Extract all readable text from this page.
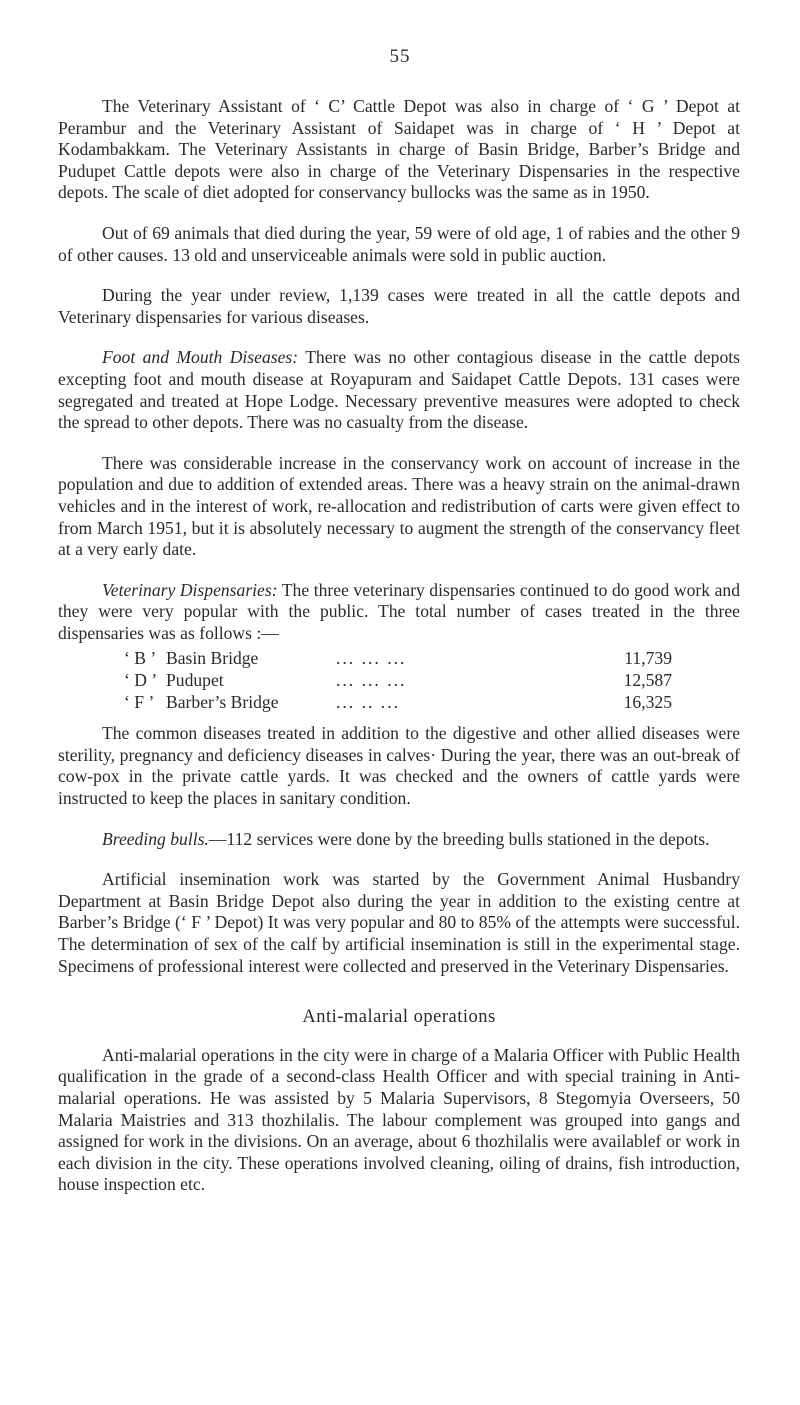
55

The Veterinary Assistant of ‘ C’ Cattle Depot was also in charge of ‘ G ’ Depot at Perambur and the Veterinary Assistant of Saidapet was in charge of ‘ H ’ Depot at Kodambakkam. The Veterinary Assistants in charge of Basin Bridge, Barber’s Bridge and Pudupet Cattle depots were also in charge of the Veterinary Dispensaries in the respective depots. The scale of diet adopted for conservancy bullocks was the same as in 1950.

Out of 69 animals that died during the year, 59 were of old age, 1 of rabies and the other 9 of other causes. 13 old and unserviceable animals were sold in public auction.

During the year under review, 1,139 cases were treated in all the cattle depots and Veterinary dispensaries for various diseases.

Foot and Mouth Diseases: There was no other contagious disease in the cattle depots excepting foot and mouth disease at Royapuram and Saidapet Cattle Depots. 131 cases were segregated and treated at Hope Lodge. Necessary preventive measures were adopted to check the spread to other depots. There was no casualty from the disease.

There was considerable increase in the conservancy work on account of increase in the population and due to addition of extended areas. There was a heavy strain on the animal-drawn vehicles and in the interest of work, re-allocation and redistribution of carts were given effect to from March 1951, but it is absolutely necessary to augment the strength of the conservancy fleet at a very early date.

Veterinary Dispensaries: The three veterinary dispensaries continued to do good work and they were very popular with the public. The total number of cases treated in the three dispensaries was as follows :—

‘ B ’	Basin Bridge	... ... ...	11,739
‘ D ’	Pudupet	... ... ...	12,587
‘ F ’	Barber’s Bridge	... .. ...	16,325

The common diseases treated in addition to the digestive and other allied diseases were sterility, pregnancy and deficiency diseases in calves· During the year, there was an out-break of cow-pox in the private cattle yards. It was checked and the owners of cattle yards were instructed to keep the places in sanitary condition.

Breeding bulls.—112 services were done by the breeding bulls stationed in the depots.

Artificial insemination work was started by the Government Animal Husbandry Department at Basin Bridge Depot also during the year in addition to the existing centre at Barber’s Bridge (‘ F ’ Depot) It was very popular and 80 to 85% of the attempts were successful. The determination of sex of the calf by artificial insemination is still in the experimental stage. Specimens of professional interest were collected and preserved in the Veterinary Dispensaries.

Anti-malarial operations

Anti-malarial operations in the city were in charge of a Malaria Officer with Public Health qualification in the grade of a second-class Health Officer and with special training in Anti- malarial operations. He was assisted by 5 Malaria Supervisors, 8 Stegomyia Overseers, 50 Malaria Maistries and 313 thozhilalis. The labour complement was grouped into gangs and assigned for work in the divisions. On an average, about 6 thozhilalis were availablef or work in each division in the city. These operations involved cleaning, oiling of drains, fish introduction, house inspection etc.
